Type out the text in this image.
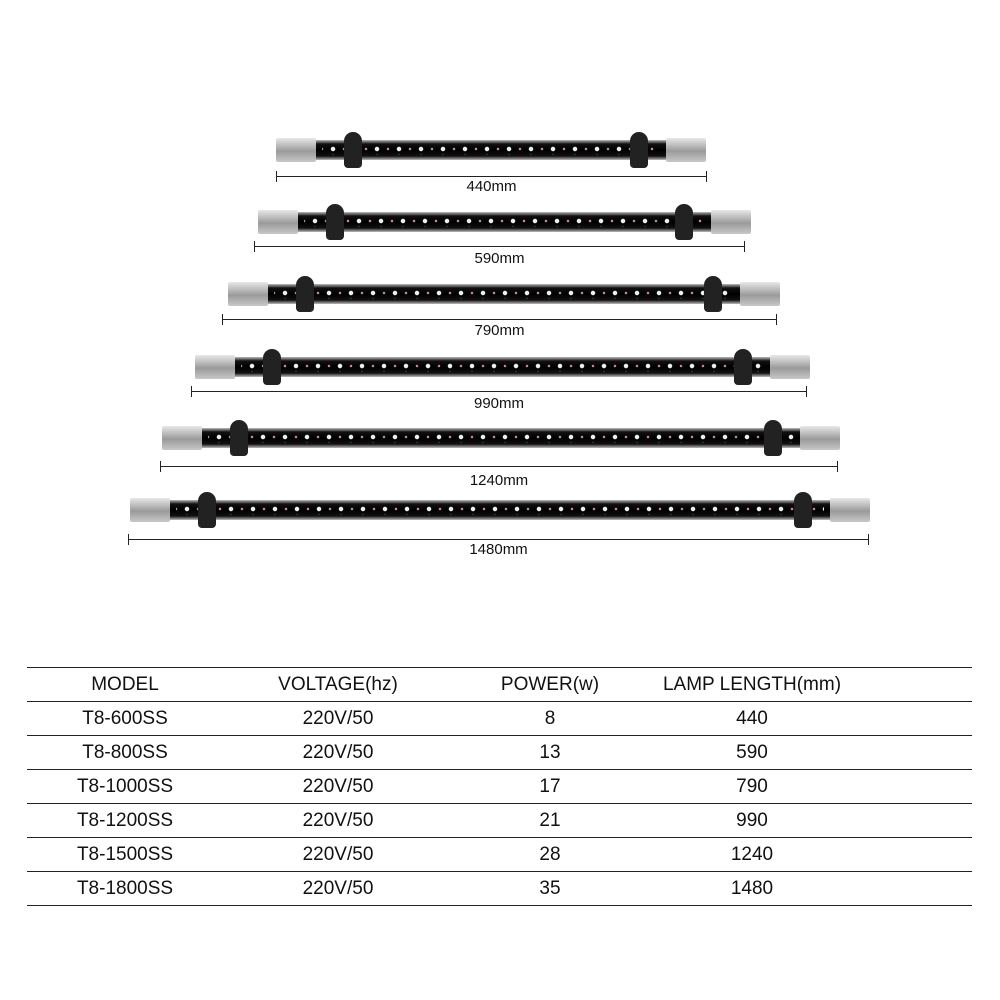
440mm
590mm
790mm
990mm
1240mm
1480mm
MODEL	VOLTAGE(hz)	POWER(w)	LAMP LENGTH(mm)
T8-600SS	220V/50	8	440
T8-800SS	220V/50	13	590
T8-1000SS	220V/50	17	790
T8-1200SS	220V/50	21	990
T8-1500SS	220V/50	28	1240
T8-1800SS	220V/50	35	1480
